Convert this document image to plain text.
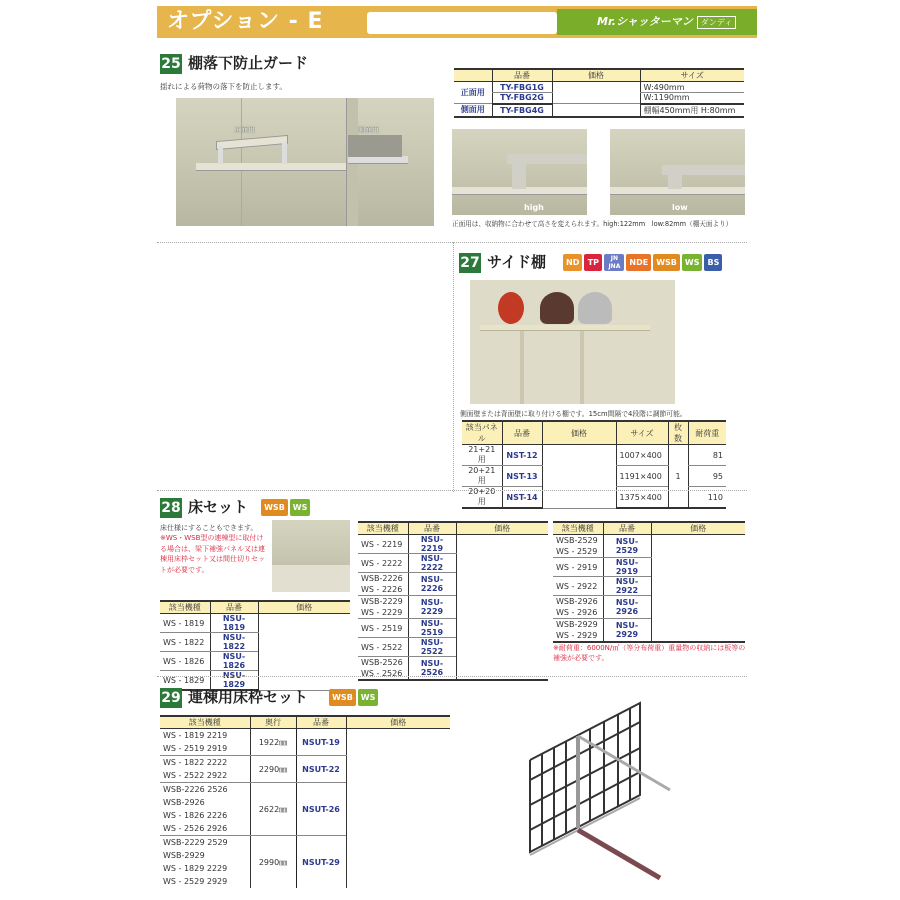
オプション - E	Mr.シャッターマン ダンディ
25 棚落下防止ガード
揺れによる荷物の落下を防止します。
正面用	側面用
	品番	価格	サイズ
正面用	TY-FBG1G		W:490mm
	TY-FBG2G		W:1190mm
側面用	TY-FBG4G		棚幅450mm用 H:80mm
high	low
正面用は、収納物に合わせて高さを変えられます。high:122mm　low:82mm（棚天面より）
27 サイド棚	ND TP JN JNA NDE WSB WS BS
側面壁または背面壁に取り付ける棚です。15cm間隔で4段階に調節可能。
該当パネル	品番	価格	サイズ	枚数	耐荷重
21+21用	NST-12		1007×400	1	81
20+21用	NST-13		1191×400		95
20+20用	NST-14		1375×400		110
28 床セット WSB WS
床仕様にすることもできます。
※WS・WSB型の連棟型に取付ける場合は、梁下補強パネル又は連棟用床枠セット又は間仕切りセットが必要です。
該当機種	品番	価格
WS - 1819	NSU-1819	
WS - 1822	NSU-1822	
WS - 1826	NSU-1826	
WS - 1829	NSU-1829	
該当機種	品番	価格
WS - 2219	NSU-2219	
WS - 2222	NSU-2222	
WSB-2226
WS - 2226	NSU-2226	
WSB-2229
WS - 2229	NSU-2229	
WS - 2519	NSU-2519	
WS - 2522	NSU-2522	
WSB-2526
WS - 2526	NSU-2526	
該当機種	品番	価格
WSB-2529
WS - 2529	NSU-2529	
WS - 2919	NSU-2919	
WS - 2922	NSU-2922	
WSB-2926
WS - 2926	NSU-2926	
WSB-2929
WS - 2929	NSU-2929	
※耐荷重：6000N/㎡（等分布荷重）重量物の収納には板等の補強が必要です。
29 連棟用床枠セット	WSB WS
該当機種	奥行	品番	価格
WS - 1819 2219
WS - 2519 2919	1922㎜	NSUT-19	
WS - 1822 2222
WS - 2522 2922	2290㎜	NSUT-22	
WSB-2226 2526
WSB-2926
WS - 1826 2226
WS - 2526 2926	2622㎜	NSUT-26	
WSB-2229 2529
WSB-2929
WS - 1829 2229
WS - 2529 2929	2990㎜	NSUT-29	
